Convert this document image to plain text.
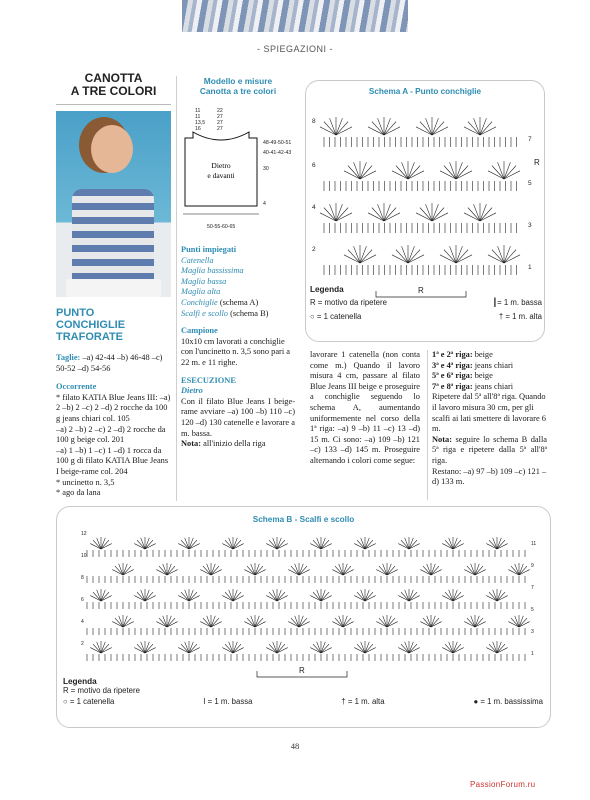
- SPIEGAZIONI -
CANOTTA
A TRE COLORI
PUNTO
CONCHIGLIE
TRAFORATE
Taglie: –a) 42-44 –b) 46-48 –c) 50-52 –d) 54-56
Occorrente
* filato KATIA Blue Jeans III: –a) 2 –b) 2 –c) 2 –d) 2 rocche da 100 g jeans chiari col. 105
–a) 2 –b) 2 –c) 2 –d) 2 rocche da 100 g beige col. 201
–a) 1 –b) 1 –c) 1 –d) 1 rocca da 100 g di filato KATIA Blue Jeans I beige-rame col. 204
* uncinetto n. 3,5
* ago da lana
Modello e misure
Canotta a tre colori
11
11
13,5
16
22
27
27
27
48-49-50-51
40-41-42-43
30
4
50-55-60-65
Dietro
e davanti
Punti impiegati
Catenella
Maglia bassissima
Maglia bassa
Maglia alta
Conchiglie (schema A)
Scalfi e scollo (schema B)
Campione
10x10 cm lavorati a conchiglie con l'uncinetto n. 3,5 sono pari a 22 m. e 11 righe.
ESECUZIONE
Dietro
Con il filato Blue Jeans I beige-rame avviare –a) 100 –b) 110 –c) 120 –d) 130 catenelle e lavorare a m. bassa.
Nota: all'inizio della riga
Schema A - Punto conchiglie
8
6
4
2
7
5
3
1
R
R
Legenda
R = motivo da ripetere	┃= 1 m. bassa
○ = 1 catenella	† = 1 m. alta
lavorare 1 catenella (non conta come m.) Quando il lavoro misura 4 cm, passare al filato Blue Jeans III beige e proseguire a conchiglie seguendo lo schema A, aumentando uniformemente nel corso della 1ª riga: –a) 9 –b) 11 –c) 13 –d) 15 m. Ci sono: –a) 109 –b) 121 –c) 133 –d) 145 m. Proseguire alternando i colori come segue:
1ª e 2ª riga: beige
3ª e 4ª riga: jeans chiari
5ª e 6ª riga: beige
7ª e 8ª riga: jeans chiari
Ripetere dal 5ª all'8ª riga. Quando il lavoro misura 30 cm, per gli scalfi ai lati smettere di lavorare 6 m.
Nota: seguire lo schema B dalla 5ª riga e ripetere dalla 5ª all'8ª riga.
Restano: –a) 97 –b) 109 –c) 121 –d) 133 m.
Schema B - Scalfi e scollo
12
10
8
6
4
2
11
9
7
5
3
1
R
Legenda
R = motivo da ripetere
○ = 1 catenella	I = 1 m. bassa	† = 1 m. alta	● = 1 m. bassissima
48
PassionForum.ru
